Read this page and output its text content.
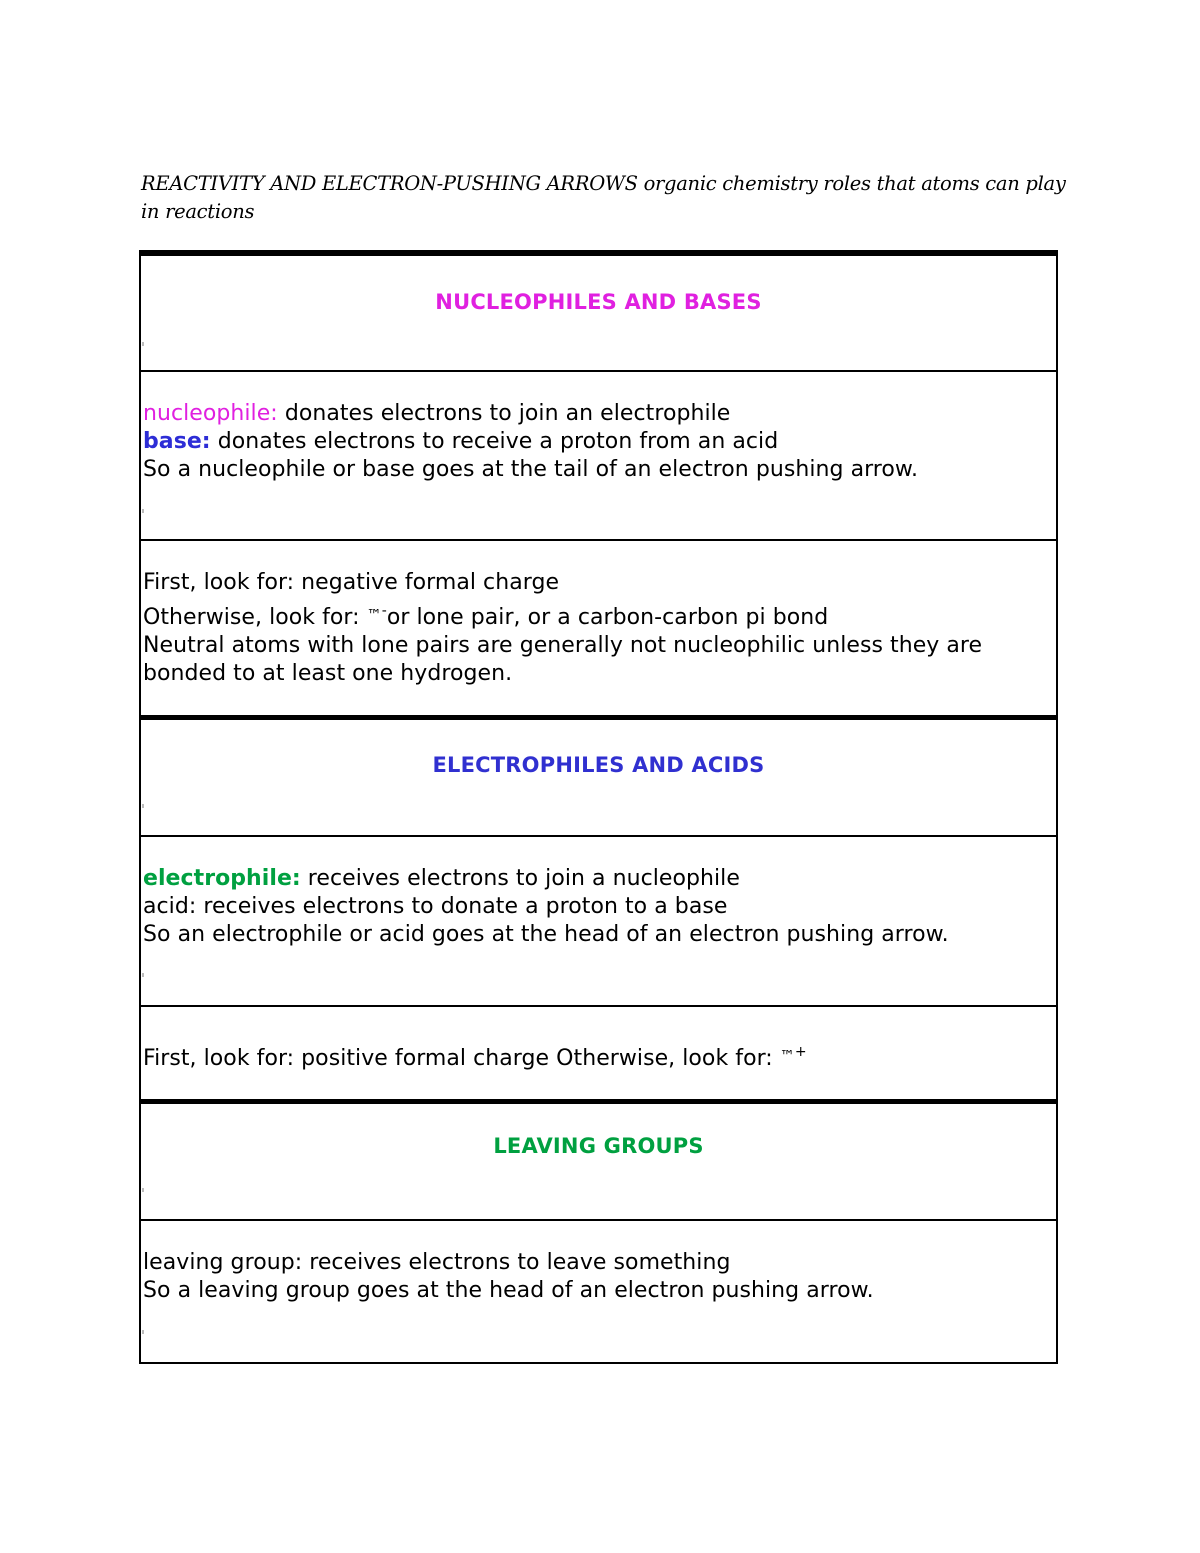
REACTIVITY AND ELECTRON-PUSHING ARROWS organic chemistry roles that atoms can play in reactions
NUCLEOPHILES AND BASES
nucleophile: donates electrons to join an electrophile
base: donates electrons to receive a proton from an acid
So a nucleophile or base goes at the tail of an electron pushing arrow.
First, look for: negative formal charge
Otherwise, look for: ™-or lone pair, or a carbon-carbon pi bond
Neutral atoms with lone pairs are generally not nucleophilic unless they are bonded to at least one hydrogen.
ELECTROPHILES AND ACIDS
electrophile: receives electrons to join a nucleophile
acid: receives electrons to donate a proton to a base
So an electrophile or acid goes at the head of an electron pushing arrow.
First, look for: positive formal charge Otherwise, look for: ™+
LEAVING GROUPS
leaving group: receives electrons to leave something
So a leaving group goes at the head of an electron pushing arrow.
